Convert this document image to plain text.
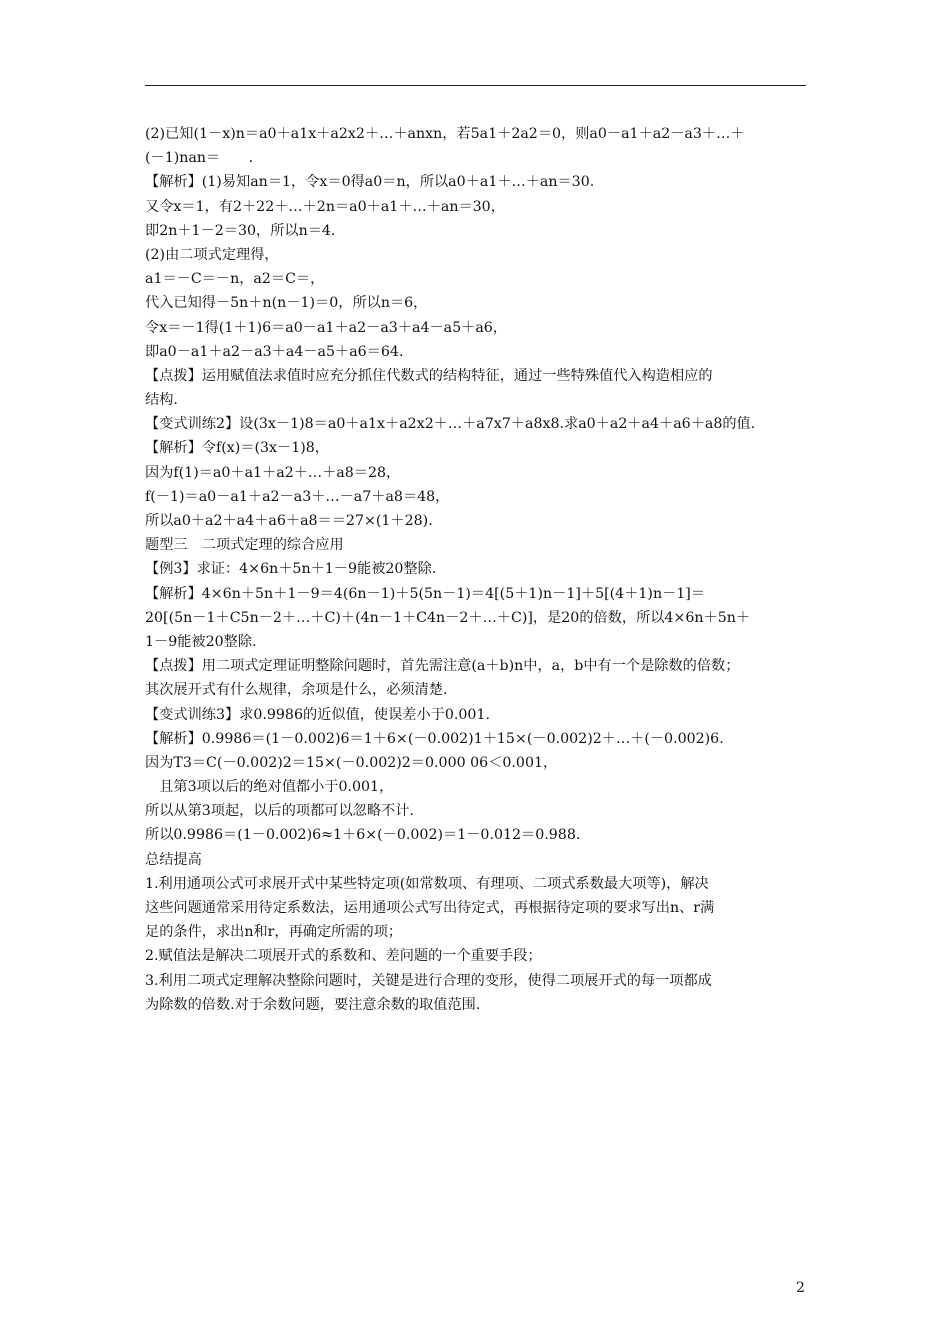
(2)已知(1－x)n＝a0＋a1x＋a2x2＋…＋anxn，若5a1＋2a2＝0，则a0－a1＋a2－a3＋…＋
(－1)nan＝　　.
【解析】(1)易知an＝1，令x＝0得a0＝n，所以a0＋a1＋…＋an＝30.
又令x＝1，有2＋22＋…＋2n＝a0＋a1＋…＋an＝30，
即2n＋1－2＝30，所以n＝4.
(2)由二项式定理得，
a1＝－C＝－n，a2＝C＝，
代入已知得－5n＋n(n－1)＝0，所以n＝6，
令x＝－1得(1＋1)6＝a0－a1＋a2－a3＋a4－a5＋a6，
即a0－a1＋a2－a3＋a4－a5＋a6＝64.
【点拨】运用赋值法求值时应充分抓住代数式的结构特征，通过一些特殊值代入构造相应的
结构.
【变式训练2】设(3x－1)8＝a0＋a1x＋a2x2＋…＋a7x7＋a8x8.求a0＋a2＋a4＋a6＋a8的值.
【解析】令f(x)＝(3x－1)8，
因为f(1)＝a0＋a1＋a2＋…＋a8＝28，
f(－1)＝a0－a1＋a2－a3＋…－a7＋a8＝48，
所以a0＋a2＋a4＋a6＋a8＝＝27×(1＋28).
题型三　二项式定理的综合应用
【例3】求证：4×6n＋5n＋1－9能被20整除.
【解析】4×6n＋5n＋1－9＝4(6n－1)＋5(5n－1)＝4[(5＋1)n－1]＋5[(4＋1)n－1]＝
20[(5n－1＋C5n－2＋…＋C)＋(4n－1＋C4n－2＋…＋C)]，是20的倍数，所以4×6n＋5n＋
1－9能被20整除.
【点拨】用二项式定理证明整除问题时，首先需注意(a＋b)n中，a，b中有一个是除数的倍数；
其次展开式有什么规律，余项是什么，必须清楚.
【变式训练3】求0.9986的近似值，使误差小于0.001.
【解析】0.9986＝(1－0.002)6＝1＋6×(－0.002)1＋15×(－0.002)2＋…＋(－0.002)6.
因为T3＝C(－0.002)2＝15×(－0.002)2＝0.000 06＜0.001，
　且第3项以后的绝对值都小于0.001，
所以从第3项起，以后的项都可以忽略不计.
所以0.9986＝(1－0.002)6≈1＋6×(－0.002)＝1－0.012＝0.988.
总结提高
1.利用通项公式可求展开式中某些特定项(如常数项、有理项、二项式系数最大项等)，解决
这些问题通常采用待定系数法，运用通项公式写出待定式，再根据待定项的要求写出n、r满
足的条件，求出n和r，再确定所需的项；
2.赋值法是解决二项展开式的系数和、差问题的一个重要手段；
3.利用二项式定理解决整除问题时，关键是进行合理的变形，使得二项展开式的每一项都成
为除数的倍数.对于余数问题，要注意余数的取值范围.
2
